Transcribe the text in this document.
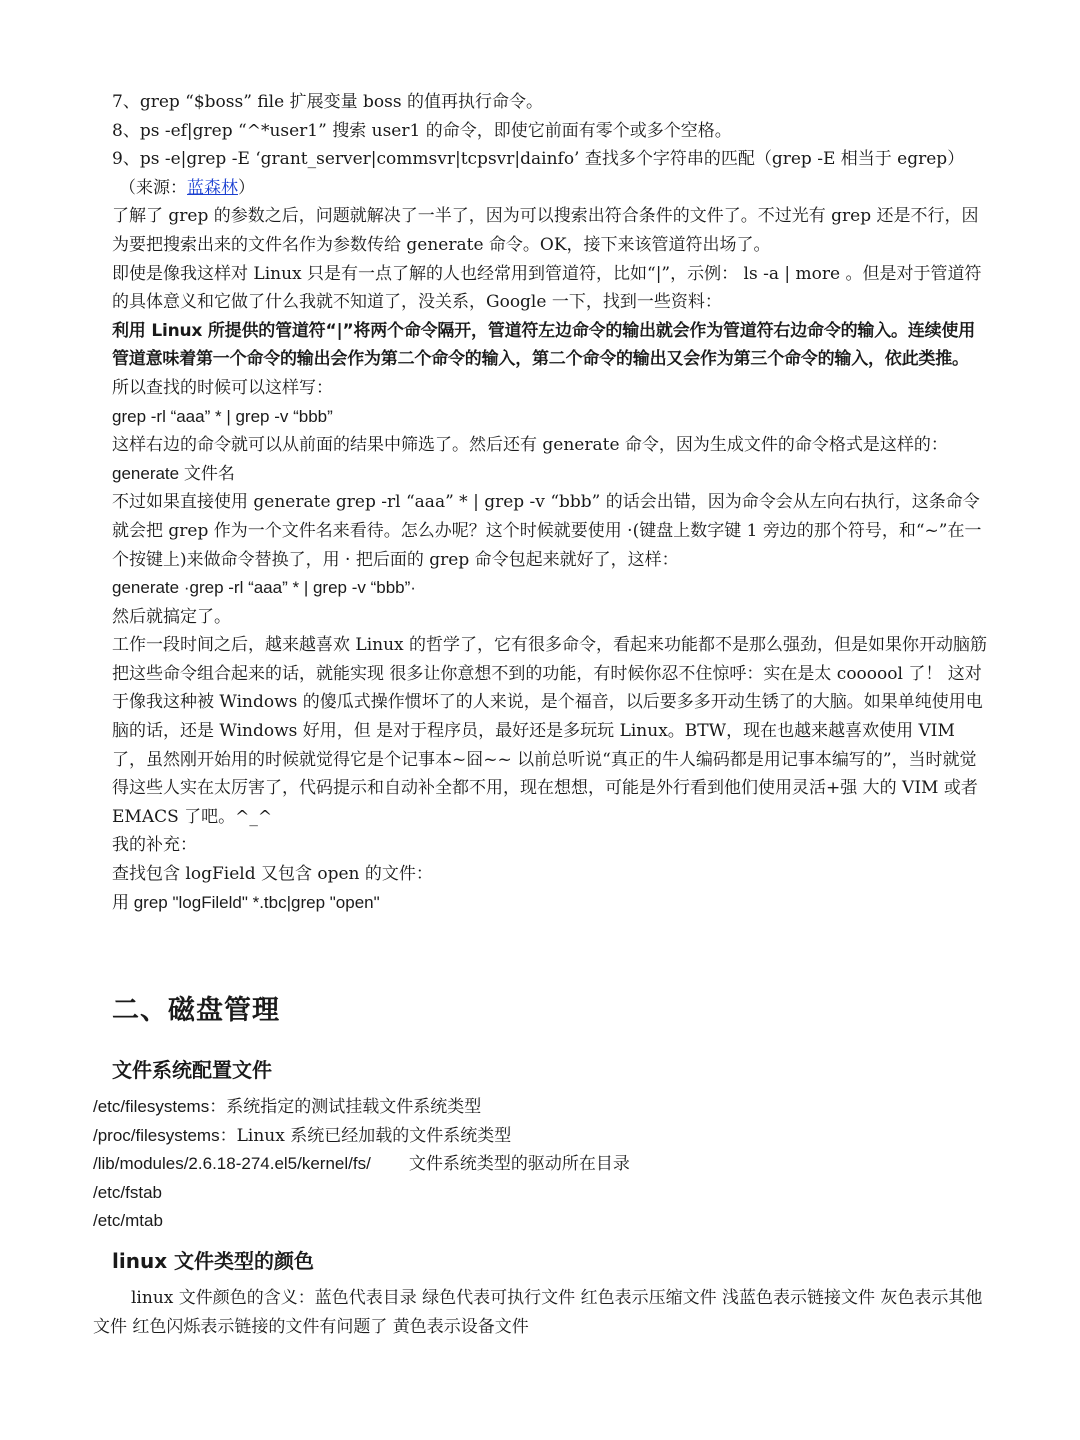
7、grep “$boss” file 扩展变量 boss 的值再执行命令。

8、ps -ef|grep “^*user1” 搜索 user1 的命令，即使它前面有零个或多个空格。

9、ps -e|grep -E ‘grant_server|commsvr|tcpsvr|dainfo’ 查找多个字符串的匹配（grep -E 相当于 egrep）

（来源：蓝森林）

了解了 grep 的参数之后，问题就解决了一半了，因为可以搜索出符合条件的文件了。不过光有 grep 还是不行，因为要把搜索出来的文件名作为参数传给 generate 命令。OK，接下来该管道符出场了。

即使是像我这样对 Linux 只是有一点了解的人也经常用到管道符，比如“|”，示例： ls -a | more 。但是对于管道符的具体意义和它做了什么我就不知道了，没关系，Google 一下，找到一些资料：

利用 Linux 所提供的管道符“|”将两个命令隔开，管道符左边命令的输出就会作为管道符右边命令的输入。连续使用管道意味着第一个命令的输出会作为第二个命令的输入，第二个命令的输出又会作为第三个命令的输入，依此类推。

所以查找的时候可以这样写：

grep -rl “aaa” * | grep -v “bbb”

这样右边的命令就可以从前面的结果中筛选了。然后还有 generate 命令，因为生成文件的命令格式是这样的：

generate 文件名

不过如果直接使用 generate grep -rl “aaa” * | grep -v “bbb” 的话会出错，因为命令会从左向右执行，这条命令就会把 grep 作为一个文件名来看待。怎么办呢？这个时候就要使用 ·(键盘上数字键 1 旁边的那个符号，和“~”在一个按键上)来做命令替换了，用 · 把后面的 grep 命令包起来就好了，这样：

generate ·grep -rl “aaa” * | grep -v “bbb”·

然后就搞定了。

工作一段时间之后，越来越喜欢 Linux 的哲学了，它有很多命令，看起来功能都不是那么强劲，但是如果你开动脑筋把这些命令组合起来的话，就能实现 很多让你意想不到的功能，有时候你忍不住惊呼：实在是太 coooool 了！ 这对于像我这种被 Windows 的傻瓜式操作惯坏了的人来说，是个福音，以后要多多开动生锈了的大脑。如果单纯使用电脑的话，还是 Windows 好用，但 是对于程序员，最好还是多玩玩 Linux。BTW，现在也越来越喜欢使用 VIM 了，虽然刚开始用的时候就觉得它是个记事本~囧~~ 以前总听说“真正的牛人编码都是用记事本编写的”，当时就觉得这些人实在太厉害了，代码提示和自动补全都不用，现在想想，可能是外行看到他们使用灵活+强 大的 VIM 或者 EMACS 了吧。^_^

我的补充：

查找包含 logField 又包含 open 的文件：

用 grep "logFileld" *.tbc|grep "open"

二、磁盘管理
文件系统配置文件
/etc/filesystems： 系统指定的测试挂载文件系统类型
/proc/filesystems： Linux 系统已经加载的文件系统类型
/lib/modules/2.6.18-274.el5/kernel/fs/ 文件系统类型的驱动所在目录
/etc/fstab
/etc/mtab
linux 文件类型的颜色

linux 文件颜色的含义：蓝色代表目录 绿色代表可执行文件 红色表示压缩文件 浅蓝色表示链接文件 灰色表示其他文件 红色闪烁表示链接的文件有问题了 黄色表示设备文件
